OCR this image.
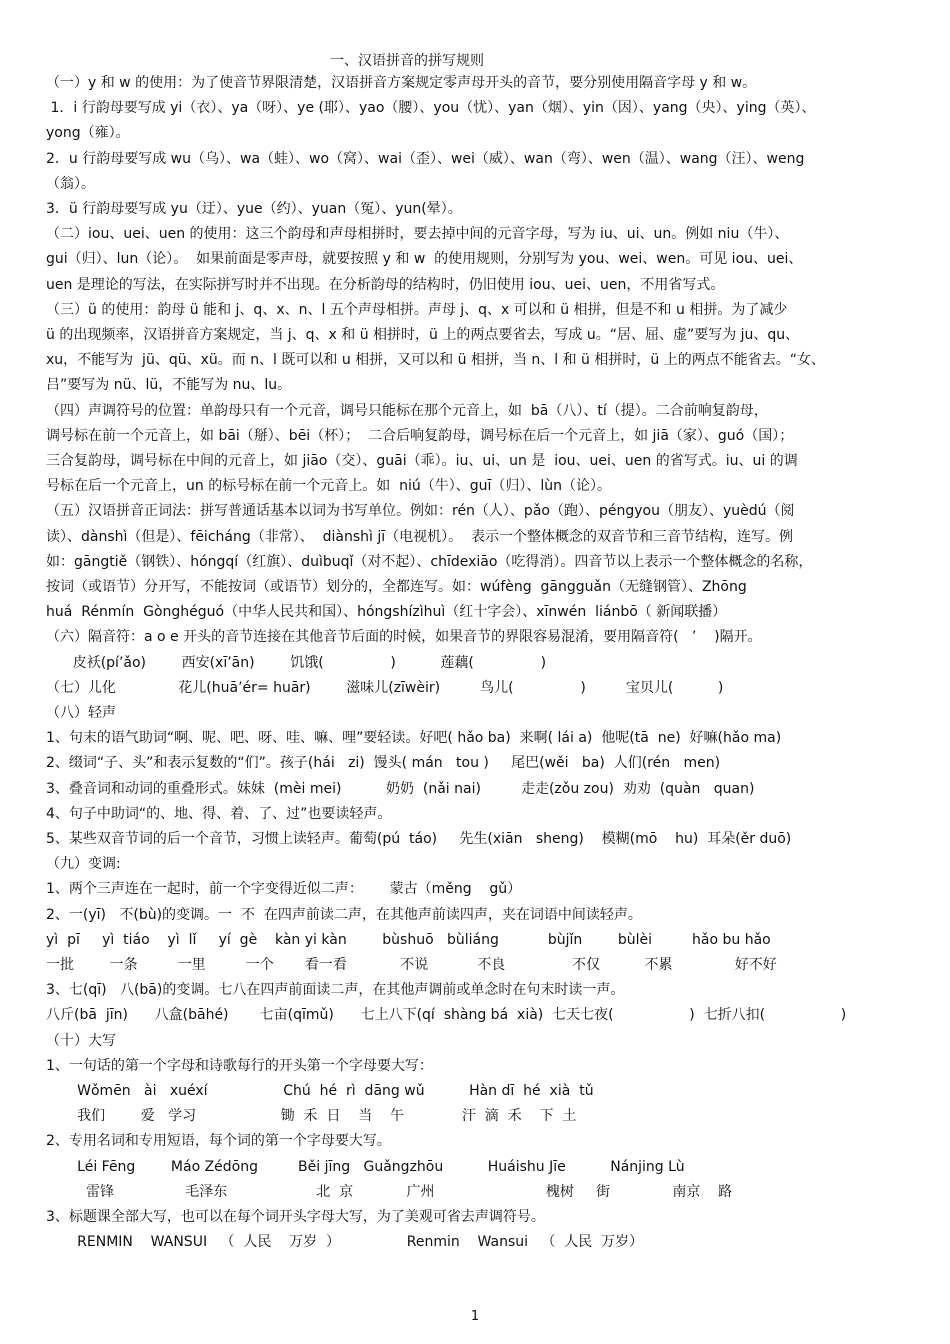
一、汉语拼音的拼写规则
（一）y 和 w 的使用：为了使音节界限清楚，汉语拼音方案规定零声母开头的音节，要分别使用隔音字母 y 和 w。
1．i 行韵母要写成 yi（衣）、ya（呀）、ye (耶）、yao（腰）、you（忧）、yan（烟）、yin（因）、yang（央）、ying（英）、
yong（雍）。
2．u 行韵母要写成 wu（乌）、wa（蛙）、wo（窝）、wai（歪）、wei（威）、wan（弯）、wen（温）、wang（汪）、weng
（翁）。
3．ü 行韵母要写成 yu（迂）、yue（约）、yuan（冤）、yun(晕）。
（二）iou、uei、uen 的使用：这三个韵母和声母相拼时，要去掉中间的元音字母，写为 iu、ui、un。例如 niu（牛）、
gui（归）、lun（论）。  如果前面是零声母，就要按照 y 和 w  的使用规则，分别写为 you、wei、wen。可见 iou、uei、
uen 是理论的写法，在实际拼写时并不出现。在分析韵母的结构时，仍旧使用 iou、uei、uen，不用省写式。
（三）ü 的使用：韵母 ü 能和 j、q、x、n、l 五个声母相拼。声母 j、q、x 可以和 ü 相拼，但是不和 u 相拼。为了减少
ü 的出现频率，汉语拼音方案规定，当 j、q、x 和 ü 相拼时，ü 上的两点要省去，写成 u。“居、屈、虚”要写为 ju、qu、
xu，不能写为  jü、qü、xü。而 n、l 既可以和 u 相拼，又可以和 ü 相拼，当 n、l 和 ü 相拼时，ü 上的两点不能省去。“女、
吕”要写为 nü、lü，不能写为 nu、lu。
（四）声调符号的位置：单韵母只有一个元音，调号只能标在那个元音上，如  bā（八）、tí（提）。二合前响复韵母，
调号标在前一个元音上，如 bāi（掰）、bēi（杯）；  二合后响复韵母，调号标在后一个元音上，如 jiā（家）、guó（国）；
三合复韵母，调号标在中间的元音上，如 jiāo（交）、guāi（乖）。iu、ui、un 是  iou、uei、uen 的省写式。iu、ui 的调
号标在后一个元音上，un 的标号标在前一个元音上。如  niú（牛）、guī（归）、lùn（论）。
（五）汉语拼音正词法：拼写普通话基本以词为书写单位。例如：rén（人）、pǎo（跑）、péngyou（朋友）、yuèdú（阅
读）、dànshì（但是）、fēicháng（非常）、  diànshì jī（电视机）。  表示一个整体概念的双音节和三音节结构，连写。例
如：gāngtiě（钢铁）、hóngqí（红旗）、duìbuqǐ（对不起）、chīdexiāo（吃得消）。四音节以上表示一个整体概念的名称，
按词（或语节）分开写，不能按词（或语节）划分的，全都连写。如：wúfèng  gāngguǎn（无缝钢管）、Zhōng
huá  Rénmín  Gònghéguó（中华人民共和国）、hóngshízìhuì（红十字会）、xīnwén  liánbō（ 新闻联播）
（六）隔音符：a o e 开头的音节连接在其他音节后面的时候，如果音节的界限容易混淆，要用隔音符(   ’    )隔开。
皮袄(pí’ǎo)        西安(xī’ān)        饥饿(               )          莲藕(               )
（七）儿化              花儿(huā’ér= huār)        滋味儿(zīwèir)         鸟儿(               )         宝贝儿(          )
（八）轻声
1、句末的语气助词“啊、呢、吧、呀、哇、嘛、哩”要轻读。好吧( hǎo ba)  来啊( lái a)  他呢(tā  ne)  好嘛(hǎo ma)
2、缀词“子、头”和表示复数的“们”。孩子(hái   zi)  馒头( mán   tou )     尾巴(wěi   ba)  人们(rén   men)
3、叠音词和动词的重叠形式。妹妹  (mèi mei)          奶奶  (nǎi nai)         走走(zǒu zou)  劝劝  (quàn   quan)
4、句子中助词“的、地、得、着、了、过”也要读轻声。
5、某些双音节词的后一个音节，习惯上读轻声。葡萄(pú  táo)     先生(xiān   sheng)    模糊(mō    hu)  耳朵(ěr duō)
（九）变调:
1、两个三声连在一起时，前一个字变得近似二声：      蒙古（měng    gǔ）
2、一(yī)   不(bù)的变调。一  不  在四声前读二声，在其他声前读四声，夹在词语中间读轻声。
yì  pī     yì  tiáo    yì  lǐ     yí  gè    kàn yi kàn        bùshuō   bùliáng           bùjǐn        bùlèi         hǎo bu hǎo
一批        一条         一里         一个       看一看            不说           不良               不仅          不累              好不好
3、七(qī)   八(bā)的变调。七八在四声前面读二声，在其他声调前或单念时在句末时读一声。
八斤(bā  jīn)      八盒(bāhé)       七亩(qīmǔ)      七上八下(qí  shàng bá  xià)  七天七夜(                 )  七折八扣(                 )
（十）大写
1、一句话的第一个字母和诗歌每行的开头第一个字母要大写：
Wǒmēn   ài   xuéxí                 Chú  hé  rì  dāng wǔ          Hàn dī  hé  xià  tǔ
我们        爱   学习                   锄  禾  日    当    午             汗  滴  禾    下  土
2、专用名词和专用短语，每个词的第一个字母要大写。
Léi Fēng        Máo Zédōng         Běi jīng   Guǎngzhōu          Huáishu Jīe          Nánjing Lù
雷锋                毛泽东                    北  京            广州                         槐树     街              南京    路
3、标题课全部大写，也可以在每个词开头字母大写，为了美观可省去声调符号。
RENMIN    WANSUI   （  人民    万岁  ）               Renmin    Wansui   （  人民  万岁）
1
